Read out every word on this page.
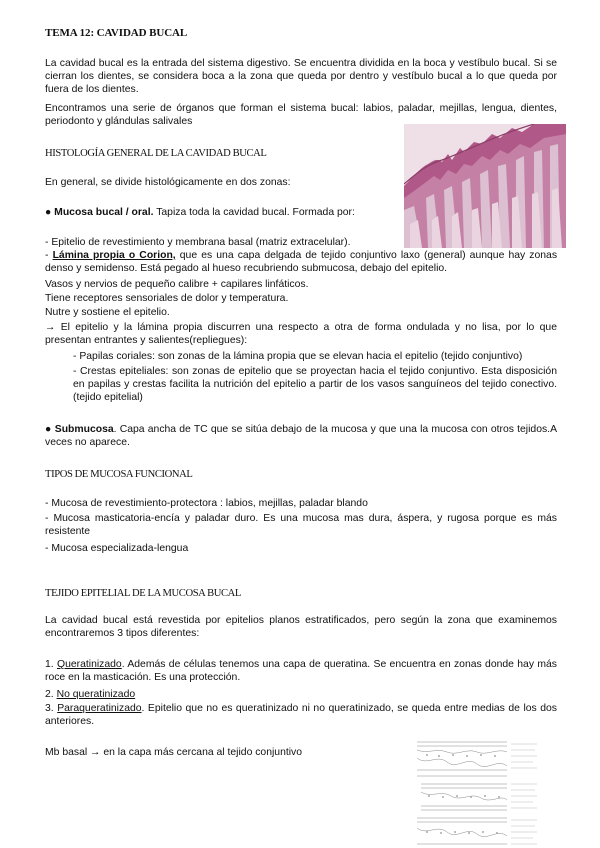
TEMA 12: CAVIDAD BUCAL
La cavidad bucal es la entrada del sistema digestivo. Se encuentra dividida en la boca y vestíbulo bucal. Si se cierran los dientes, se considera boca a la zona que queda por dentro y vestíbulo bucal a lo que queda por fuera de los dientes.
Encontramos una serie de órganos que forman el sistema bucal: labios, paladar, mejillas, lengua, dientes, periodonto y glándulas salivales
HISTOLOGÍA GENERAL DE LA CAVIDAD BUCAL
En general, se divide histológicamente en dos zonas:
● Mucosa bucal / oral. Tapiza toda la cavidad bucal. Formada por:
- Epitelio de revestimiento y membrana basal (matriz extracelular).
- Lámina propia o Corion, que es una capa delgada de tejido conjuntivo laxo (general) aunque hay zonas denso y semidenso. Está pegado al hueso recubriendo submucosa, debajo del epitelio.
Vasos y nervios de pequeño calibre + capilares linfáticos.
Tiene receptores sensoriales de dolor y temperatura.
Nutre y sostiene el epitelio.
→ El epitelio y la lámina propia discurren una respecto a otra de forma ondulada y no lisa, por lo que presentan entrantes y salientes(repliegues):
- Papilas coriales: son zonas de la lámina propia que se elevan hacia el epitelio (tejido conjuntivo)
- Crestas epiteliales: son zonas de epitelio que se proyectan hacia el tejido conjuntivo. Esta disposición en papilas y crestas facilita la nutrición del epitelio a partir de los vasos sanguíneos del tejido conectivo.(tejido epitelial)
● Submucosa. Capa ancha de TC que se sitúa debajo de la mucosa y que una la mucosa con otros tejidos.A veces no aparece.
TIPOS DE MUCOSA FUNCIONAL
- Mucosa de revestimiento-protectora : labios, mejillas, paladar blando
- Mucosa masticatoria-encía y paladar duro. Es una mucosa mas dura, áspera, y rugosa porque es más resistente
- Mucosa especializada-lengua
TEJIDO EPITELIAL DE LA MUCOSA BUCAL
La cavidad bucal está revestida por epitelios planos estratificados, pero según la zona que examinemos encontraremos 3 tipos diferentes:
1. Queratinizado. Además de células tenemos una capa de queratina. Se encuentra en zonas donde hay más roce en la masticación. Es una protección.
2. No queratinizado
3. Paraqueratinizado. Epitelio que no es queratinizado ni no queratinizado, se queda entre medias de los dos anteriores.
Mb basal → en la capa más cercana al tejido conjuntivo
